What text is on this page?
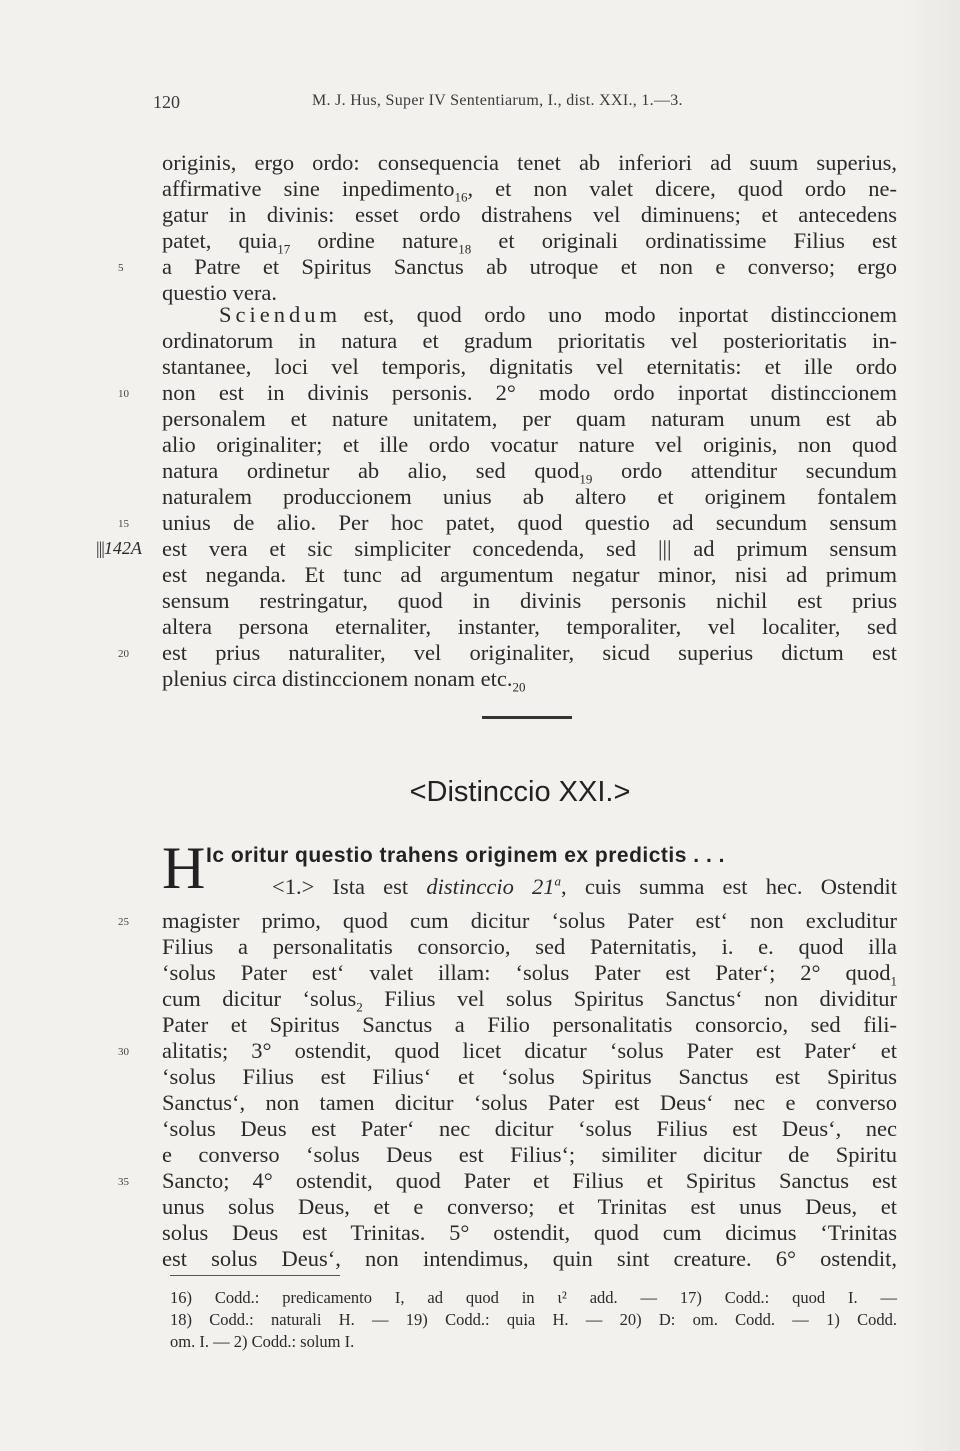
120	M. J. Hus, Super IV Sententiarum, I., dist. XXI., 1.—3.
originis, ergo ordo: consequencia tenet ab inferiori ad suum superius,
affirmative sine inpedimento$_{16}$, et non valet dicere, quod ordo ne-
gatur in divinis: esset ordo distrahens vel diminuens; et antecedens
patet, quia$_{17}$ ordine nature$_{18}$ et originali ordinatissime Filius est
5 a Patre et Spiritus Sanctus ab utroque et non e converso; ergo
questio vera.
Sciendum est, quod ordo uno modo inportat distinccionem
ordinatorum in natura et gradum prioritatis vel posterioritatis in-
stantanee, loci vel temporis, dignitatis vel eternitatis: et ille ordo
10 non est in divinis personis. 2° modo ordo inportat distinccionem
personalem et nature unitatem, per quam naturam unum est ab
alio originaliter; et ille ordo vocatur nature vel originis, non quod
natura ordinetur ab alio, sed quod$_{19}$ ordo attenditur secundum
naturalem produccionem unius ab altero et originem fontalem
15 unius de alio. Per hoc patet, quod questio ad secundum sensum
|||142A est vera et sic simpliciter concedenda, sed ||| ad primum sensum
est neganda. Et tunc ad argumentum negatur minor, nisi ad primum
sensum restringatur, quod in divinis personis nichil est prius
altera persona eternaliter, instanter, temporaliter, vel localiter, sed
20 est prius naturaliter, vel originaliter, sicud superius dictum est
plenius circa distinccionem nonam $etc._{20}$
<Distinccio XXI.>
H Ic oritur questio trahens originem ex predictis . . .
<1.> Ista est distinccio 21$^a$, cuis summa est hec. Ostendit
25 magister primo, quod cum dicitur ‘solus Pater est‘ non excluditur
Filius a personalitatis consorcio, sed Paternitatis, i. e. quod illa
‘solus Pater est‘ valet illam: ‘solus Pater est Pater‘; 2° quod$_1$
cum dicitur ‘solus$_2$ Filius vel solus Spiritus Sanctus‘ non dividitur
Pater et Spiritus Sanctus a Filio personalitatis consorcio, sed fili-
30 alitatis; 3° ostendit, quod licet dicatur ‘solus Pater est Pater‘ et
‘solus Filius est Filius‘ et ‘solus Spiritus Sanctus est Spiritus
Sanctus‘, non tamen dicitur ‘solus Pater est Deus‘ nec e converso
‘solus Deus est Pater‘ nec dicitur ‘solus Filius est Deus‘, nec
e converso ‘solus Deus est Filius‘; similiter dicitur de Spiritu
35 Sancto; 4° ostendit, quod Pater et Filius et Spiritus Sanctus est
unus solus Deus, et e converso; et Trinitas est unus Deus, et
solus Deus est Trinitas. 5° ostendit, quod cum dicimus ‘Trinitas
est solus Deus‘, non intendimus, quin sint creature. 6° ostendit,
16) Codd.: predicamento I, ad quod in ι² add. — 17) Codd.: quod I. —
18) Codd.: naturali H. — 19) Codd.: quia H. — 20) D: om. Codd. — 1) Codd.
om. I. — 2) Codd.: solum I.
